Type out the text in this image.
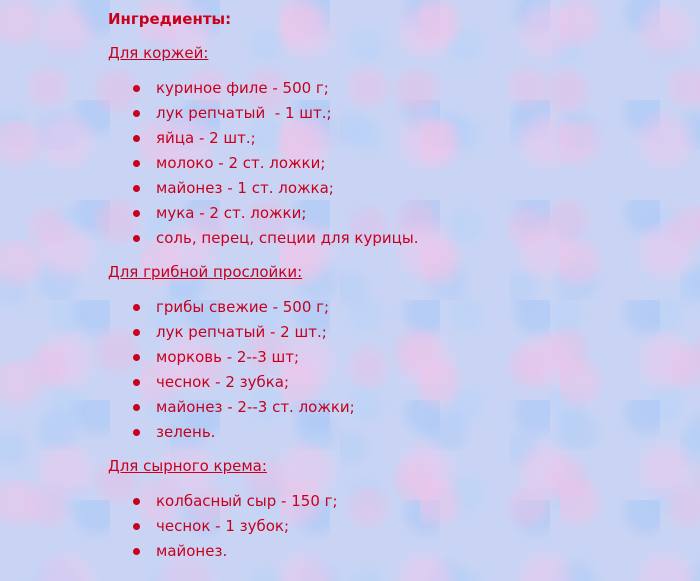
Ингредиенты:
Для коржей:
куриное филе - 500 г;
лук репчатый  - 1 шт.;
яйца - 2 шт.;
молоко - 2 ст. ложки;
майонез - 1 ст. ложка;
мука - 2 ст. ложки;
соль, перец, специи для курицы.
Для грибной прослойки:
грибы свежие - 500 г;
лук репчатый - 2 шт.;
морковь - 2--3 шт;
чеснок - 2 зубка;
майонез - 2--3 ст. ложки;
зелень.
Для сырного крема:
колбасный сыр - 150 г;
чеснок - 1 зубок;
майонез.
